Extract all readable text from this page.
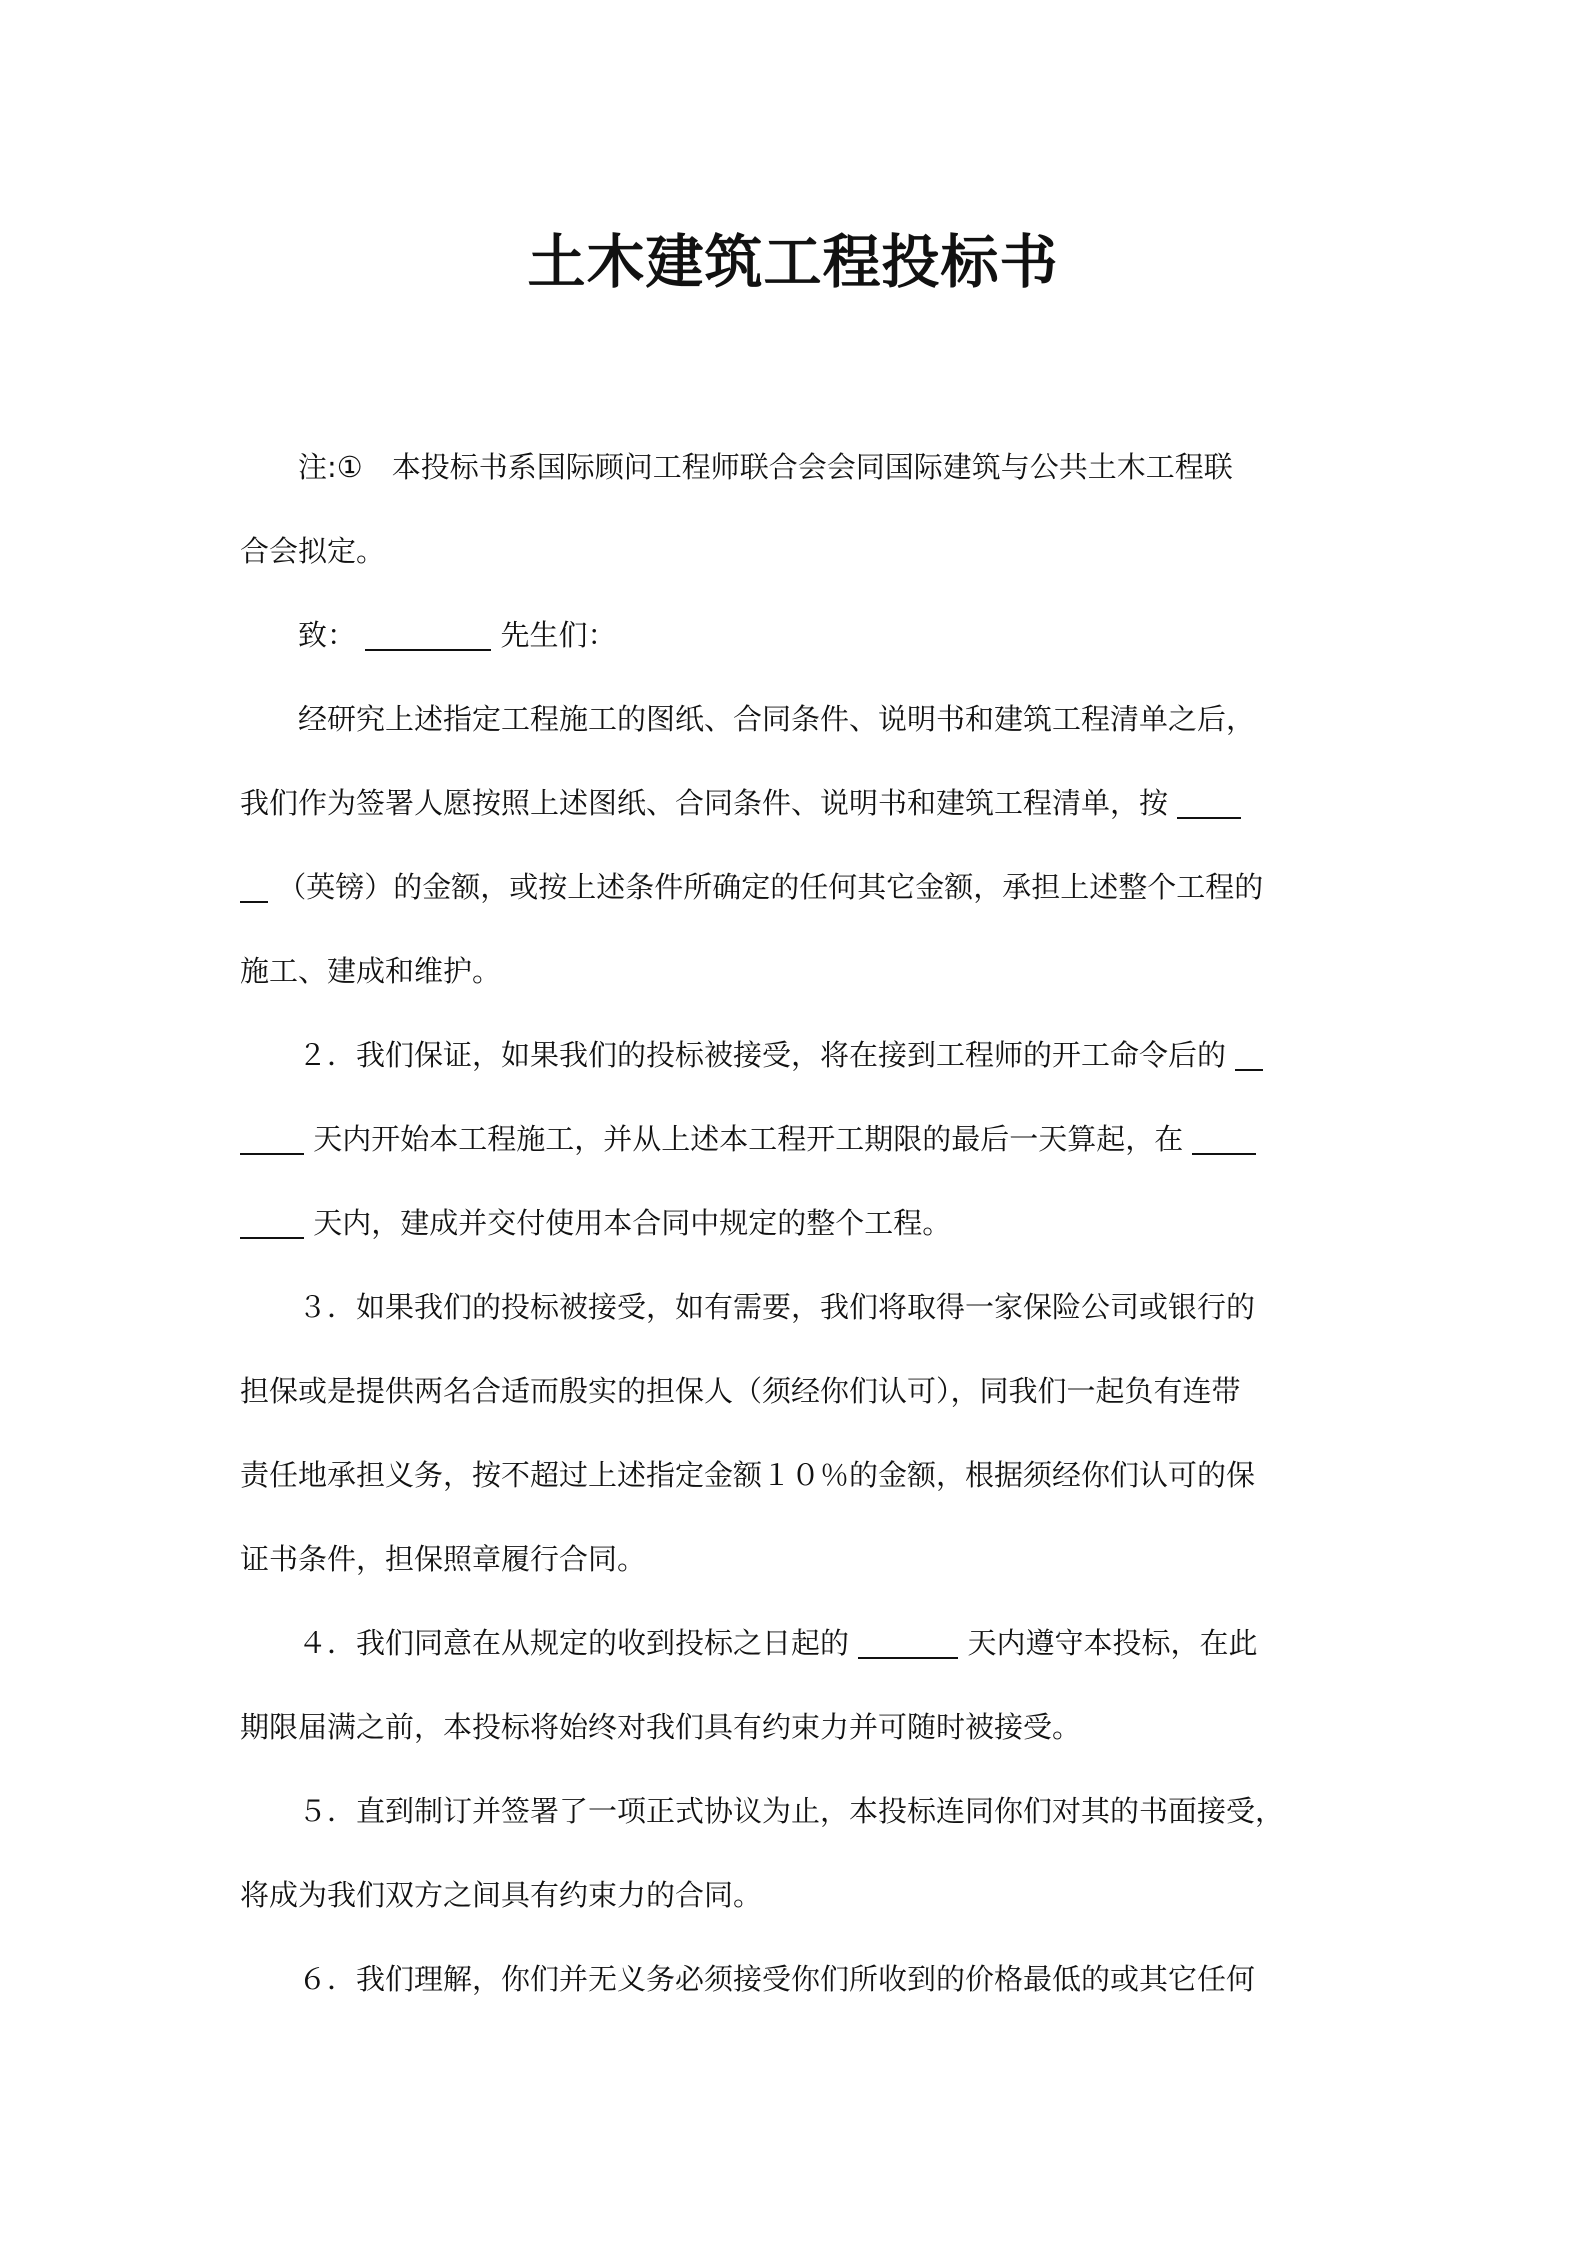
土木建筑工程投标书
注:①　本投标书系国际顾问工程师联合会会同国际建筑与公共土木工程联
合会拟定。
致：	先生们：
经研究上述指定工程施工的图纸、合同条件、说明书和建筑工程清单之后，
我们作为签署人愿按照上述图纸、合同条件、说明书和建筑工程清单，按
（英镑）的金额，或按上述条件所确定的任何其它金额，承担上述整个工程的
施工、建成和维护。
２．我们保证，如果我们的投标被接受，将在接到工程师的开工命令后的
天内开始本工程施工，并从上述本工程开工期限的最后一天算起，在
天内，建成并交付使用本合同中规定的整个工程。
３．如果我们的投标被接受，如有需要，我们将取得一家保险公司或银行的
担保或是提供两名合适而殷实的担保人（须经你们认可），同我们一起负有连带
责任地承担义务，按不超过上述指定金额１０％的金额，根据须经你们认可的保
证书条件，担保照章履行合同。
４．我们同意在从规定的收到投标之日起的	天内遵守本投标，在此
期限届满之前，本投标将始终对我们具有约束力并可随时被接受。
５．直到制订并签署了一项正式协议为止，本投标连同你们对其的书面接受，
将成为我们双方之间具有约束力的合同。
６．我们理解，你们并无义务必须接受你们所收到的价格最低的或其它任何
